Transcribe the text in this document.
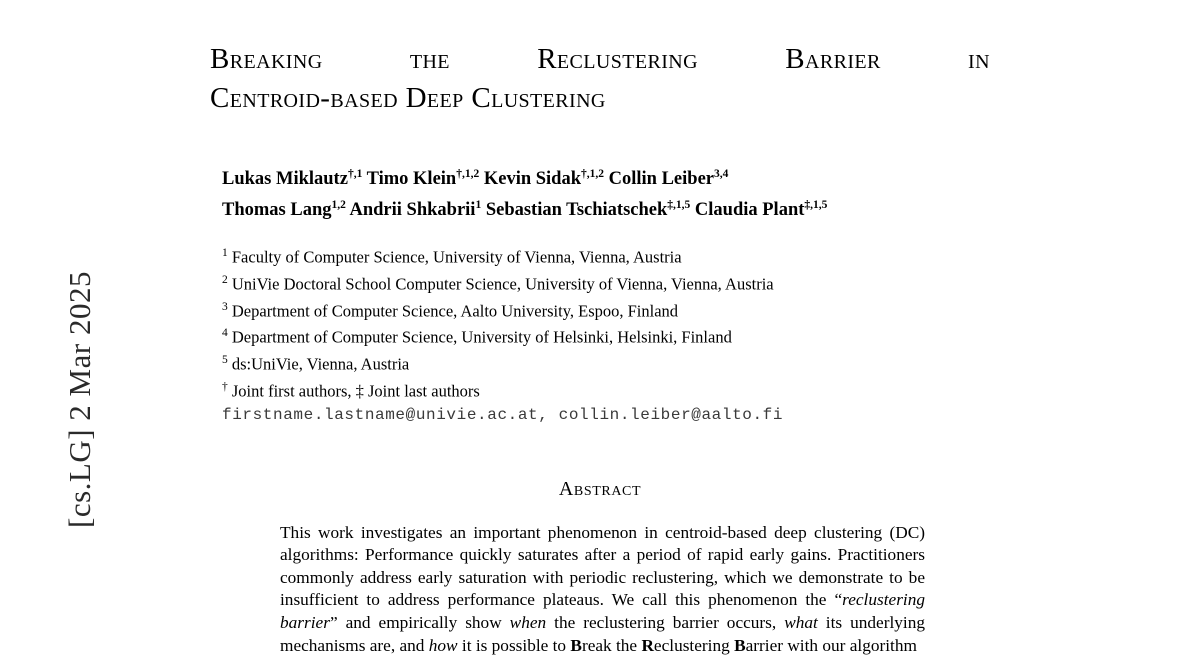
[cs.LG] 2 Mar 2025
Breaking	the	Reclustering	Barrier	in
Centroid-based Deep Clustering
Lukas Miklautz$^{\dagger,1}$ Timo Klein$^{\dagger,1,2}$ Kevin Sidak$^{\dagger,1,2}$ Collin Leiber$^{3,4}$
Thomas Lang$^{1,2}$ Andrii Shkabrii$^1$ Sebastian Tschiatschek$^{\ddagger,1,5}$ Claudia Plant$^{\ddagger,1,5}$
$^1$ Faculty of Computer Science, University of Vienna, Vienna, Austria
$^2$ UniVie Doctoral School Computer Science, University of Vienna, Vienna, Austria
$^3$ Department of Computer Science, Aalto University, Espoo, Finland
$^4$ Department of Computer Science, University of Helsinki, Helsinki, Finland
$^5$ ds:UniVie, Vienna, Austria
† Joint first authors, ‡ Joint last authors
firstname.lastname@univie.ac.at, collin.leiber@aalto.fi
Abstract
This work investigates an important phenomenon in centroid-based deep clustering (DC) algorithms: Performance quickly saturates after a period of rapid early gains. Practitioners commonly address early saturation with periodic reclustering, which we demonstrate to be insufficient to address performance plateaus. We call this phenomenon the “reclustering barrier” and empirically show when the reclustering barrier occurs, what its underlying mechanisms are, and how it is possible to Break the Reclustering Barrier with our algorithm
